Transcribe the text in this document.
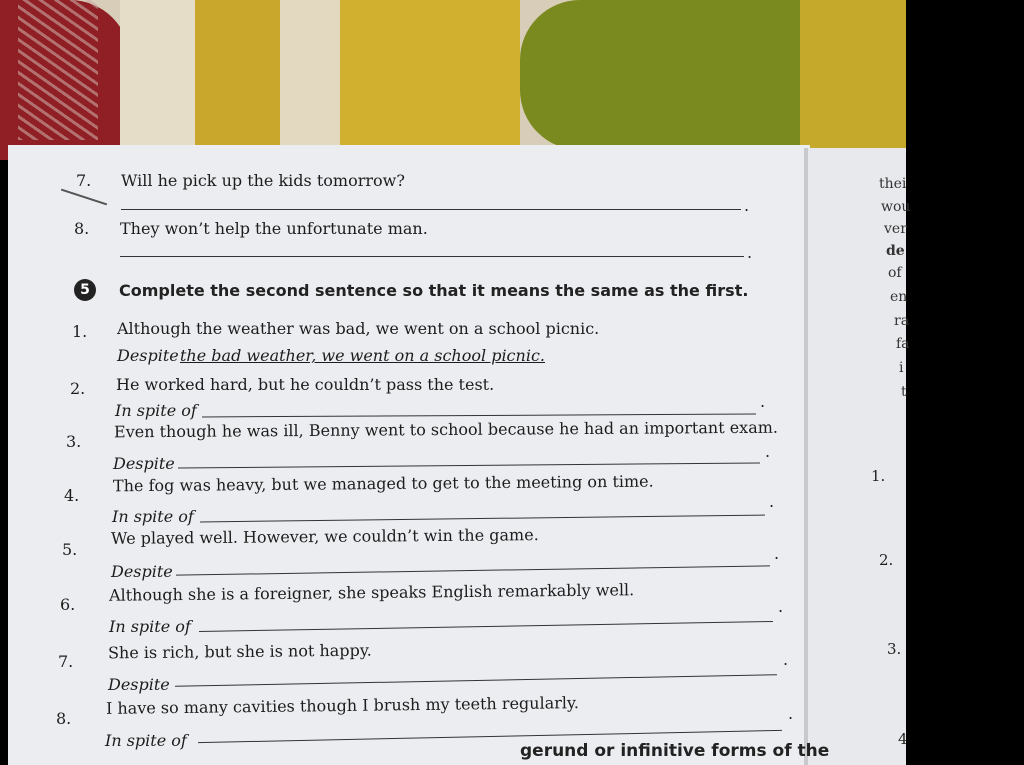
7. Will he pick up the kids tomorrow?
.
8. They won’t help the unfortunate man.
.
5	Complete the second sentence so that it means the same as the first.
1. Although the weather was bad, we went on a school picnic.
Despite the bad weather, we went on a school picnic.
2. He worked hard, but he couldn’t pass the test.
In spite of	.
3.
Even though he was ill, Benny went to school because he had an important exam.
Despite
.
4.
The fog was heavy, but we managed to get to the meeting on time.
In spite of
.
5.
We played well. However, we couldn’t win the game.
Despite
.
6. Although she is a foreigner, she speaks English remarkably well.
In spite of
.
7. She is rich, but she is not happy.
Despite
.
8.
I have so many cavities though I brush my teeth regularly.
In spite of
.
gerund or infinitive forms of the
thei
wou
ver
de
of
en
ra
fa
i
t
1.
2.
3.
4
